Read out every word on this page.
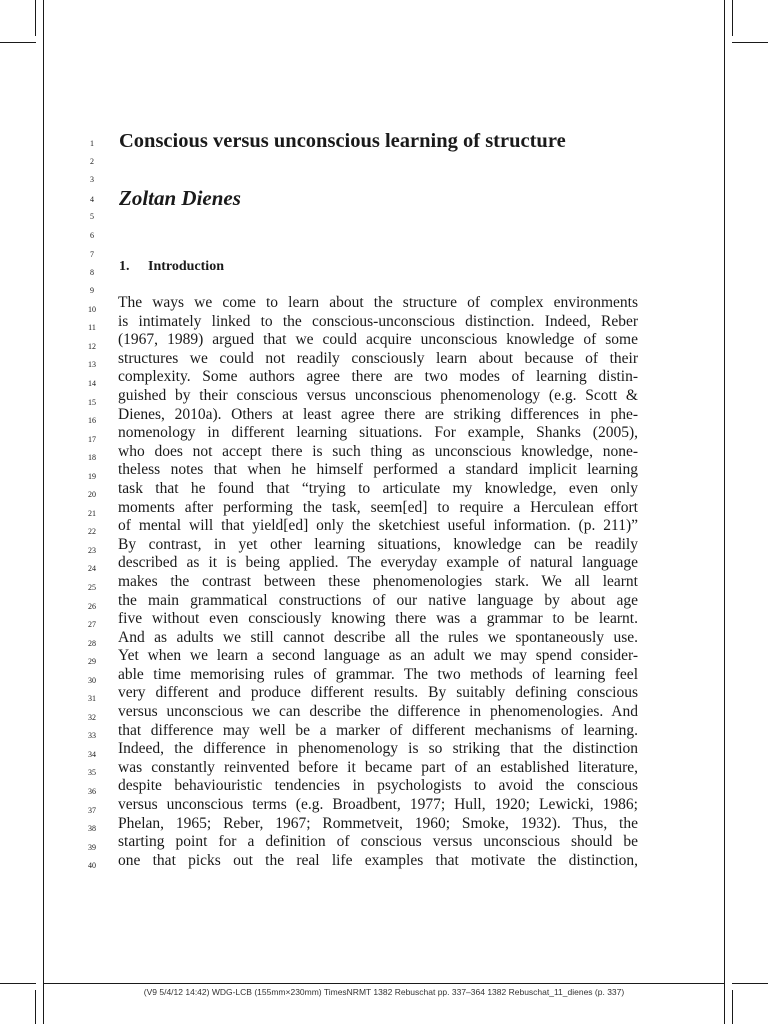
1
2
3
4
5
6
7
8
9
10
11
12
13
14
15
16
17
18
19
20
21
22
23
24
25
26
27
28
29
30
31
32
33
34
35
36
37
38
39
40
Conscious versus unconscious learning of structure
Zoltan Dienes
1. Introduction
The ways we come to learn about the structure of complex environments
is intimately linked to the conscious-unconscious distinction. Indeed, Reber
(1967, 1989) argued that we could acquire unconscious knowledge of some
structures we could not readily consciously learn about because of their
complexity. Some authors agree there are two modes of learning distin-
guished by their conscious versus unconscious phenomenology (e.g. Scott &
Dienes, 2010a). Others at least agree there are striking differences in phe-
nomenology in different learning situations. For example, Shanks (2005),
who does not accept there is such thing as unconscious knowledge, none-
theless notes that when he himself performed a standard implicit learning
task that he found that “trying to articulate my knowledge, even only
moments after performing the task, seem[ed] to require a Herculean effort
of mental will that yield[ed] only the sketchiest useful information. (p. 211)”
By contrast, in yet other learning situations, knowledge can be readily
described as it is being applied. The everyday example of natural language
makes the contrast between these phenomenologies stark. We all learnt
the main grammatical constructions of our native language by about age
five without even consciously knowing there was a grammar to be learnt.
And as adults we still cannot describe all the rules we spontaneously use.
Yet when we learn a second language as an adult we may spend consider-
able time memorising rules of grammar. The two methods of learning feel
very different and produce different results. By suitably defining conscious
versus unconscious we can describe the difference in phenomenologies. And
that difference may well be a marker of different mechanisms of learning.
Indeed, the difference in phenomenology is so striking that the distinction
was constantly reinvented before it became part of an established literature,
despite behaviouristic tendencies in psychologists to avoid the conscious
versus unconscious terms (e.g. Broadbent, 1977; Hull, 1920; Lewicki, 1986;
Phelan, 1965; Reber, 1967; Rommetveit, 1960; Smoke, 1932). Thus, the
starting point for a definition of conscious versus unconscious should be
one that picks out the real life examples that motivate the distinction,
(V9 5/4/12 14:42) WDG-LCB (155mm×230mm) TimesNRMT 1382 Rebuschat pp. 337–364 1382 Rebuschat_11_dienes (p. 337)
